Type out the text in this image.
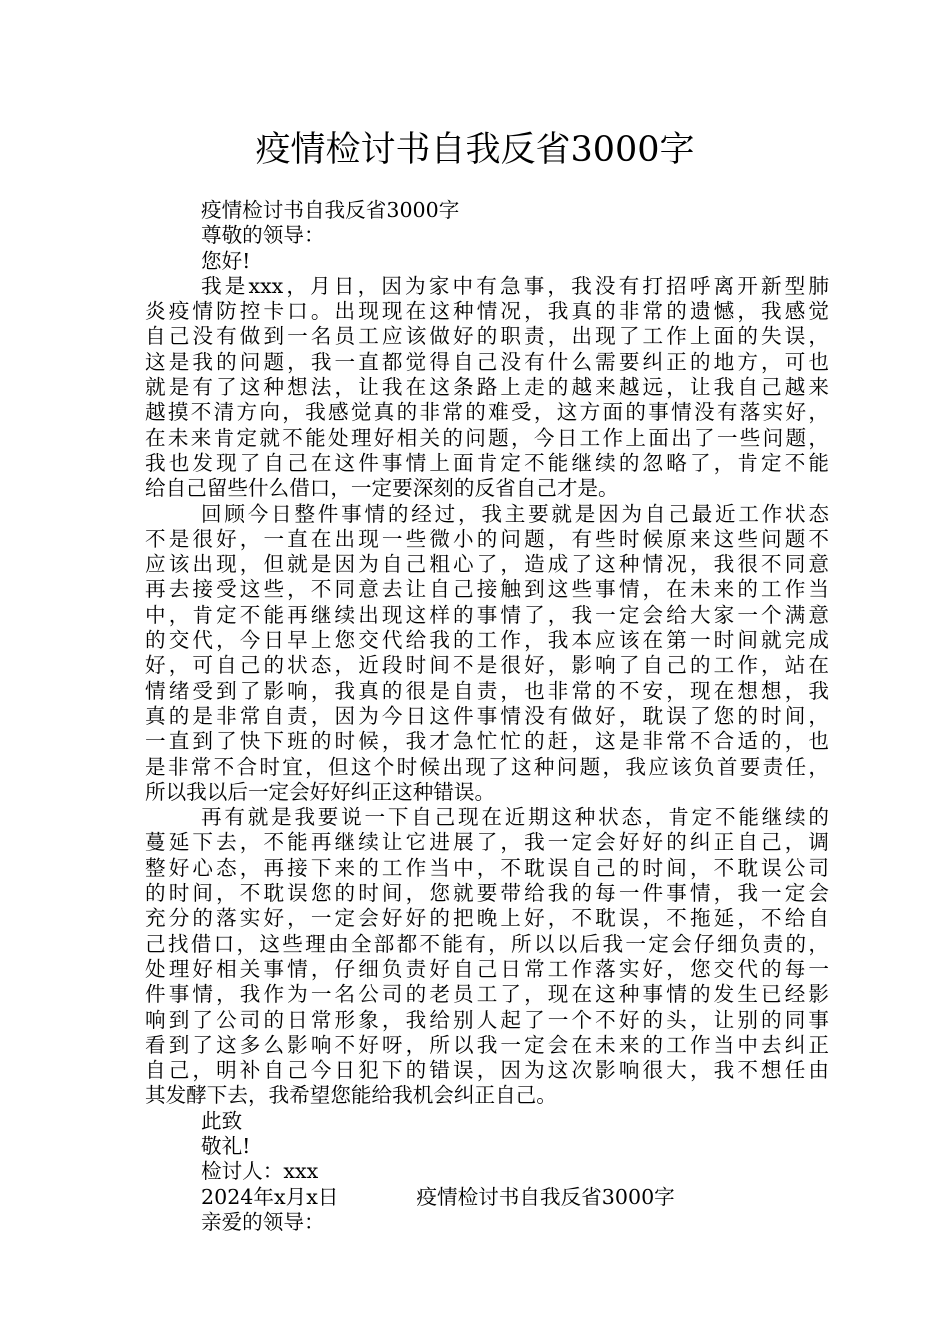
疫情检讨书自我反省3000字
疫情检讨书自我反省3000字
尊敬的领导：
您好!
我是xxx，月日，因为家中有急事，我没有打招呼离开新型肺
炎疫情防控卡口。出现现在这种情况，我真的非常的遗憾，我感觉
自己没有做到一名员工应该做好的职责，出现了工作上面的失误，
这是我的问题，我一直都觉得自己没有什么需要纠正的地方，可也
就是有了这种想法，让我在这条路上走的越来越远，让我自己越来
越摸不清方向，我感觉真的非常的难受，这方面的事情没有落实好，
在未来肯定就不能处理好相关的问题，今日工作上面出了一些问题，
我也发现了自己在这件事情上面肯定不能继续的忽略了，肯定不能
给自己留些什么借口，一定要深刻的反省自己才是。
回顾今日整件事情的经过，我主要就是因为自己最近工作状态
不是很好，一直在出现一些微小的问题，有些时候原来这些问题不
应该出现，但就是因为自己粗心了，造成了这种情况，我很不同意
再去接受这些，不同意去让自己接触到这些事情，在未来的工作当
中，肯定不能再继续出现这样的事情了，我一定会给大家一个满意
的交代，今日早上您交代给我的工作，我本应该在第一时间就完成
好，可自己的状态，近段时间不是很好，影响了自己的工作，站在
情绪受到了影响，我真的很是自责，也非常的不安，现在想想，我
真的是非常自责，因为今日这件事情没有做好，耽误了您的时间，
一直到了快下班的时候，我才急忙忙的赶，这是非常不合适的，也
是非常不合时宜，但这个时候出现了这种问题，我应该负首要责任，
所以我以后一定会好好纠正这种错误。
再有就是我要说一下自己现在近期这种状态，肯定不能继续的
蔓延下去，不能再继续让它进展了，我一定会好好的纠正自己，调
整好心态，再接下来的工作当中，不耽误自己的时间，不耽误公司
的时间，不耽误您的时间，您就要带给我的每一件事情，我一定会
充分的落实好，一定会好好的把晚上好，不耽误，不拖延，不给自
己找借口，这些理由全部都不能有，所以以后我一定会仔细负责的，
处理好相关事情，仔细负责好自己日常工作落实好，您交代的每一
件事情，我作为一名公司的老员工了，现在这种事情的发生已经影
响到了公司的日常形象，我给别人起了一个不好的头，让别的同事
看到了这多么影响不好呀，所以我一定会在未来的工作当中去纠正
自己，明补自己今日犯下的错误，因为这次影响很大，我不想任由
其发酵下去，我希望您能给我机会纠正自己。
此致
敬礼!
检讨人：xxx
2024年x月x日	疫情检讨书自我反省3000字
亲爱的领导：
